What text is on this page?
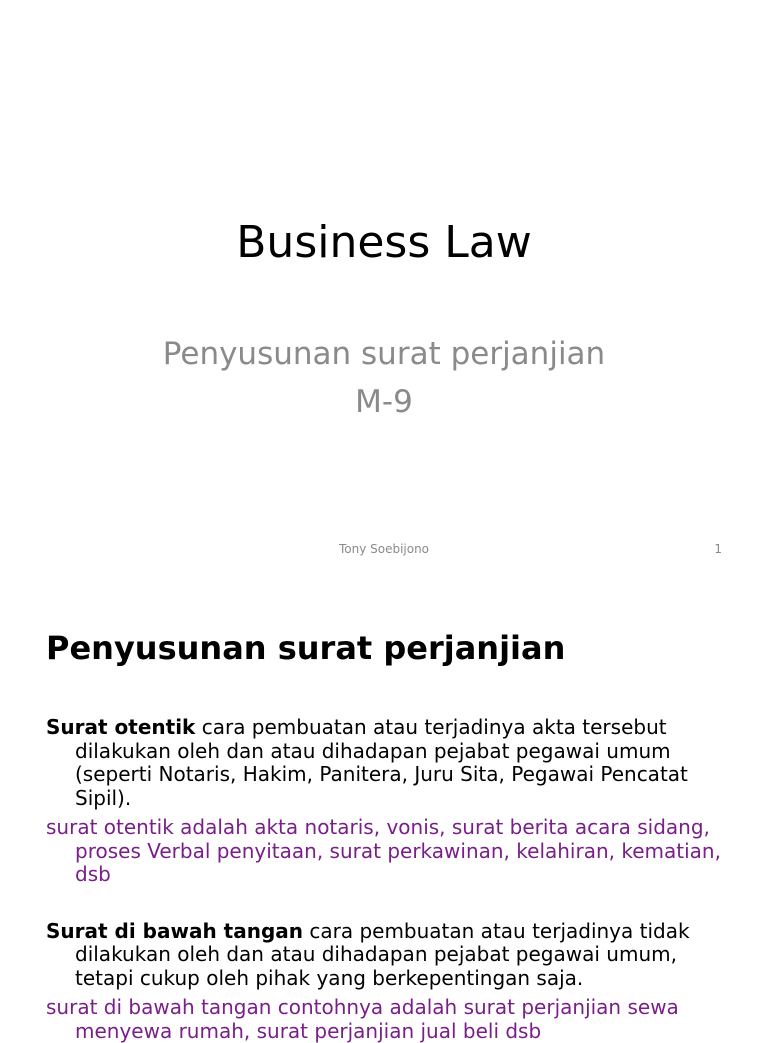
Business Law
Penyusunan surat perjanjian
M-9
Tony Soebijono	1
Penyusunan surat perjanjian

Surat otentik cara pembuatan atau terjadinya akta tersebut dilakukan oleh dan atau dihadapan pejabat pegawai umum (seperti Notaris, Hakim, Panitera, Juru Sita, Pegawai Pencatat Sipil).

surat otentik adalah akta notaris, vonis, surat berita acara sidang, proses Verbal penyitaan, surat perkawinan, kelahiran, kematian, dsb

Surat di bawah tangan cara pembuatan atau terjadinya tidak dilakukan oleh dan atau dihadapan pejabat pegawai umum, tetapi cukup oleh pihak yang berkepentingan saja.

surat di bawah tangan contohnya adalah surat perjanjian sewa menyewa rumah, surat perjanjian jual beli dsb
